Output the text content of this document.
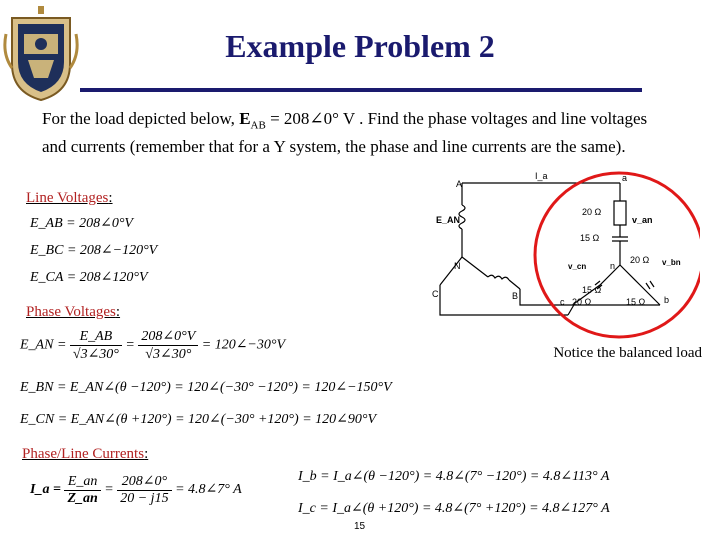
Example Problem 2
For the load depicted below, $E_{AB}$ = 208∠0° V . Find the phase voltages and line voltages and currents (remember that for a Y system, the phase and line currents are the same).
Line Voltages:
E_AB = 208∠0°V
E_BC = 208∠−120°V
E_CA = 208∠120°V
Phase Voltages:
E_AN = $\frac{E\_AB}{√3\angle 30^\circ} = \frac{208\angle 0^\circ V}{√3\angle 30^\circ}$ = 120∠−30°V
E_BN = E_AN∠(θ −120°) = 120∠(−30° −120°) = 120∠−150°V
E_CN = E_AN∠(θ +120°) = 120∠(−30° +120°) = 120∠90°V
Notice the balanced load
Phase/Line Currents:
I_a = $\frac{E\_an}{Z\_an} = \frac{208\angle 0^\circ}{20 - j15}$ = 4.8∠7° A
I_b = I_a∠(θ −120°) = 4.8∠(7° −120°) = 4.8∠113° A
I_c = I_a∠(θ +120°) = 4.8∠(7° +120°) = 4.8∠127° A
15
A
E_AN
N
B
C
I_a	a
20 Ω
v_an
15 Ω
n
v_cn
20 Ω v_bn
15 Ω
20 Ω	15 Ω
c	b
